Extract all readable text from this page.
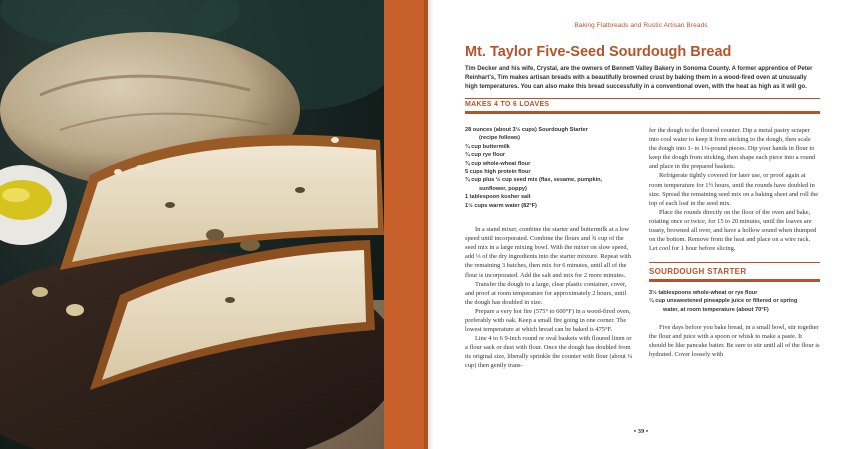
Baking Flatbreads and Rustic Artisan Breads
Mt. Taylor Five-Seed Sourdough Bread
Tim Decker and his wife, Crystal, are the owners of Bennett Valley Bakery in Sonoma County. A former apprentice of Peter Reinhart's, Tim makes artisan breads with a beautifully browned crust by baking them in a wood-fired oven at unusually high temperatures. You can also make this bread successfully in a conventional oven, with the heat as high as it will go.
MAKES 4 TO 6 LOAVES
28 ounces (about 3½ cups) Sourdough Starter
(recipe follows)
¾ cup buttermilk
¾ cup rye flour
¾ cup whole-wheat flour
5 cups high protein flour
¾ cup plus ½ cup seed mix (flax, sesame, pumpkin,
sunflower, poppy)
1 tablespoon kosher salt
1½ cups warm water (82°F)

In a stand mixer, combine the starter and buttermilk at a low speed until incorporated. Combine the flours and ¾ cup of the seed mix in a large mixing bowl. With the mixer on slow speed, add ⅓ of the dry ingredients into the starter mixture. Repeat with the remaining 3 batches, then mix for 6 minutes, until all of the flour is incorporated. Add the salt and mix for 2 more minutes.

Transfer the dough to a large, clear plastic container, cover, and proof at room temperature for approximately 2 hours, until the dough has doubled in size.

Prepare a very hot fire (575° to 600°F) in a wood-fired oven, preferably with oak. Keep a small fire going in one corner. The lowest temperature at which bread can be baked is 475°F.

Line 4 to 6 9-inch round or oval baskets with floured linen or a flour sack or dust with flour. Once the dough has doubled from its original size, liberally sprinkle the counter with flour (about ¼ cup) then gently trans-

fer the dough to the floured counter. Dip a metal pastry scraper into cool water to keep it from sticking to the dough, then scale the dough into 1- to 1¼-pound pieces. Dip your hands in flour to keep the dough from sticking, then shape each piece into a round and place in the prepared baskets.

Refrigerate tightly covered for later use, or proof again at room temperature for 1½ hours, until the rounds have doubled in size. Spread the remaining seed mix on a baking sheet and roll the top of each loaf in the seed mix.

Place the rounds directly on the floor of the oven and bake, rotating once or twice, for 15 to 20 minutes, until the loaves are toasty, browned all over, and have a hollow sound when thumped on the bottom. Remove from the heat and place on a wire rack. Let cool for 1 hour before slicing.

SOURDOUGH STARTER
3½ tablespoons whole-wheat or rye flour
¼ cup unsweetened pineapple juice or filtered or spring
water, at room temperature (about 70°F)

Five days before you bake bread, in a small bowl, stir together the flour and juice with a spoon or whisk to make a paste. It should be like pancake batter. Be sure to stir until all of the flour is hydrated. Cover loosely with

• 39 •
